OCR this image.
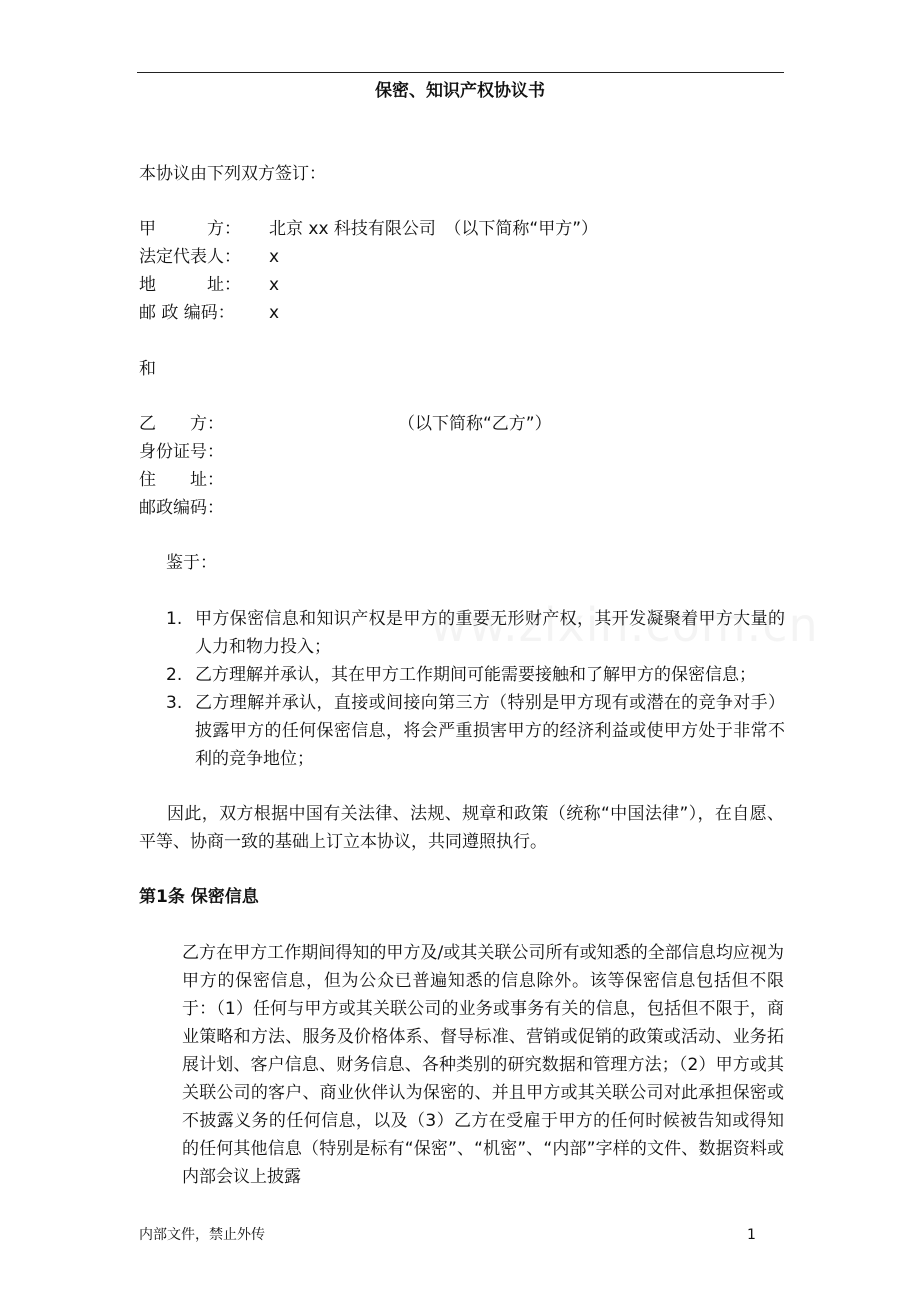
保密、知识产权协议书
本协议由下列双方签订：
甲　　　方： 北京 xx 科技有限公司　（以下简称“甲方”）
法定代表人： x
地　　　址： x
邮 政 编码： x
和
乙　　方：	（以下简称“乙方”）
身份证号：
住　　址：
邮政编码：
鉴于：
1. 甲方保密信息和知识产权是甲方的重要无形财产权，其开发凝聚着甲方大量的人力和物力投入；
2. 乙方理解并承认，其在甲方工作期间可能需要接触和了解甲方的保密信息；
3. 乙方理解并承认，直接或间接向第三方（特别是甲方现有或潜在的竞争对手）披露甲方的任何保密信息，将会严重损害甲方的经济利益或使甲方处于非常不利的竞争地位；
因此，双方根据中国有关法律、法规、规章和政策（统称“中国法律”），在自愿、平等、协商一致的基础上订立本协议，共同遵照执行。
第1条 保密信息
乙方在甲方工作期间得知的甲方及/或其关联公司所有或知悉的全部信息均应视为甲方的保密信息，但为公众已普遍知悉的信息除外。该等保密信息包括但不限于：（1）任何与甲方或其关联公司的业务或事务有关的信息，包括但不限于，商业策略和方法、服务及价格体系、督导标准、营销或促销的政策或活动、业务拓展计划、客户信息、财务信息、各种类别的研究数据和管理方法；（2）甲方或其关联公司的客户、商业伙伴认为保密的、并且甲方或其关联公司对此承担保密或不披露义务的任何信息，以及（3）乙方在受雇于甲方的任何时候被告知或得知的任何其他信息（特别是标有“保密”、“机密”、“内部”字样的文件、数据资料或内部会议上披露
内部文件，禁止外传	1
